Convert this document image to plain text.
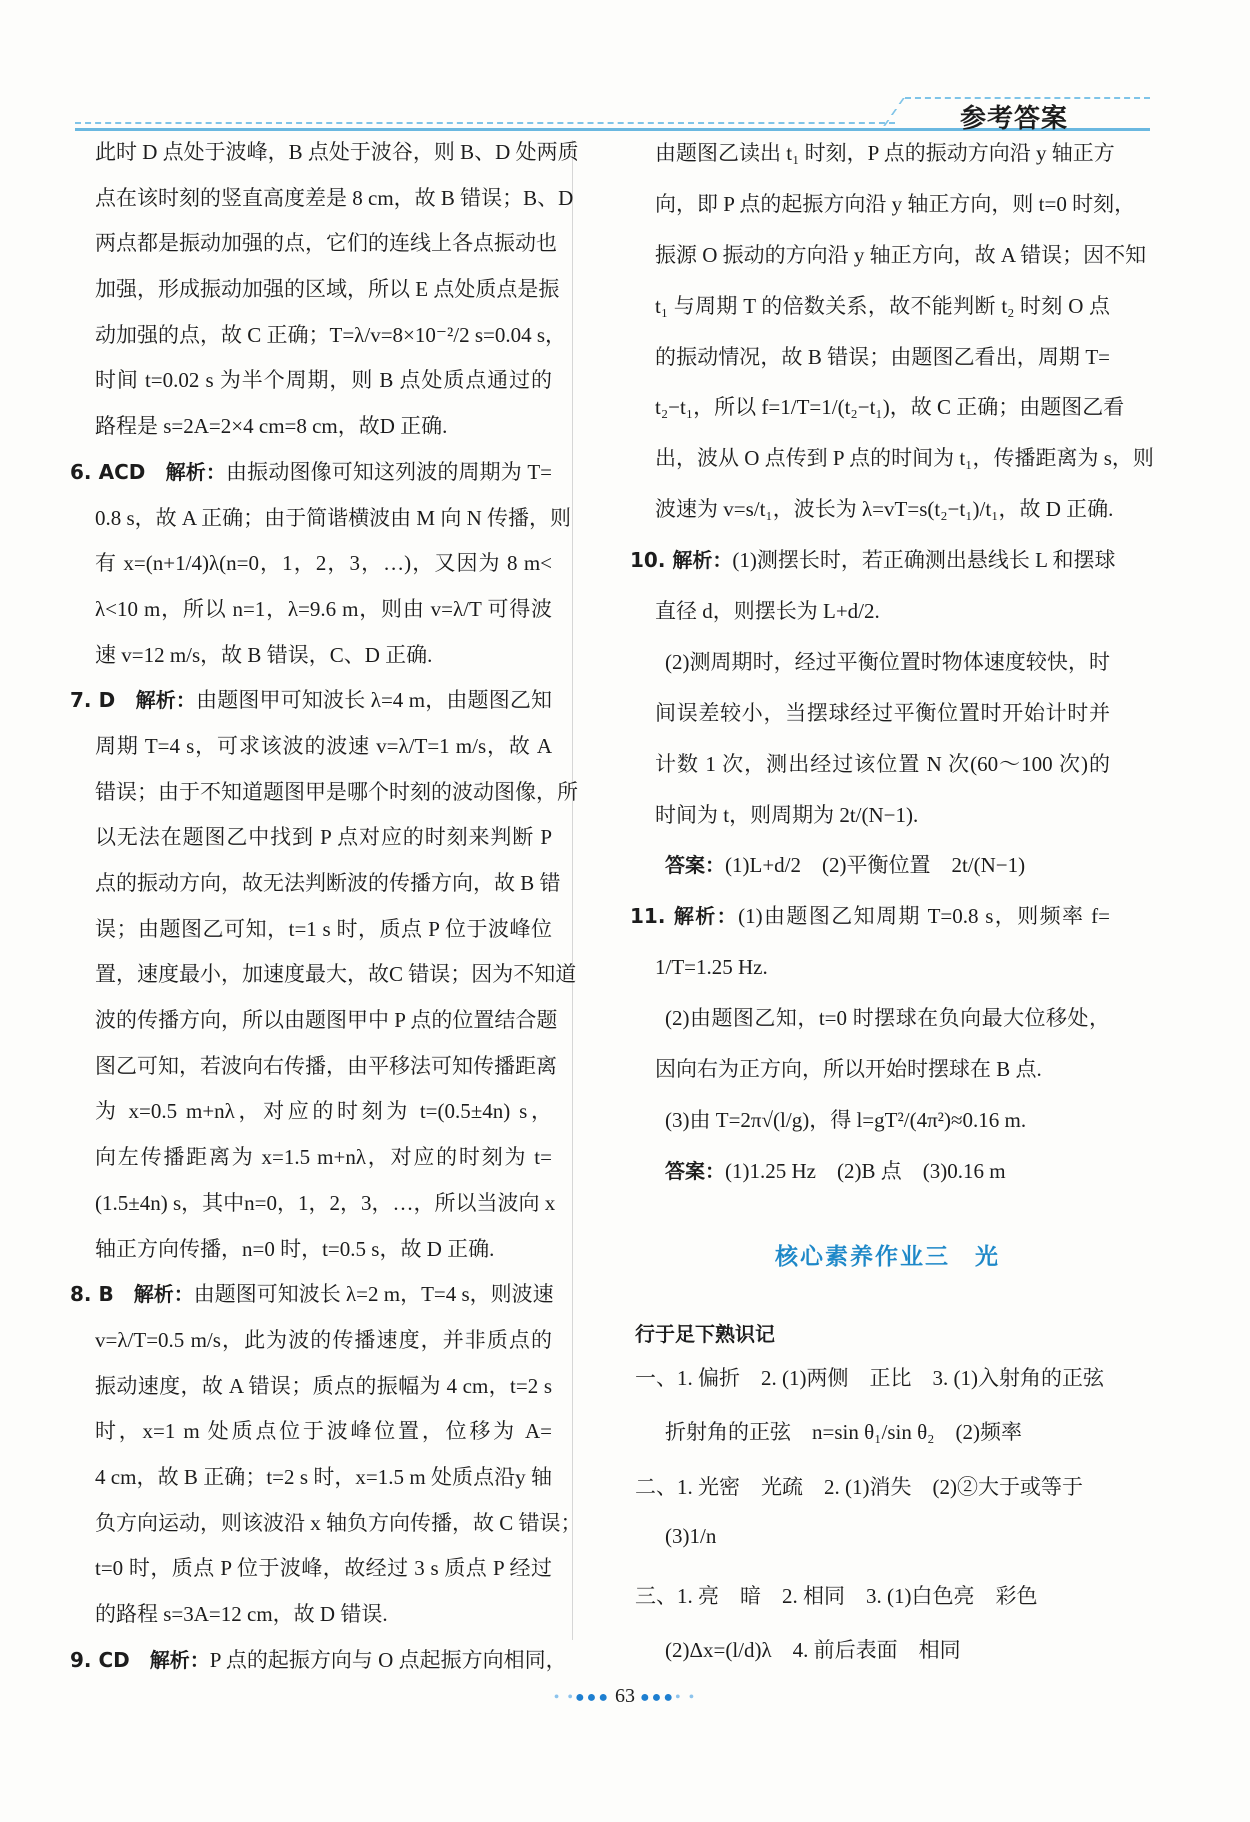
参考答案
此时 D 点处于波峰，B 点处于波谷，则 B、D 处两质
点在该时刻的竖直高度差是 8 cm，故 B 错误；B、D
两点都是振动加强的点，它们的连线上各点振动也
加强，形成振动加强的区域，所以 E 点处质点是振
动加强的点，故 C 正确；T=λ/v=8×10⁻²/2 s=0.04 s，
时间 t=0.02 s 为半个周期，则 B 点处质点通过的
路程是 s=2A=2×4 cm=8 cm，故D 正确.
6. ACD　解析：由振动图像可知这列波的周期为 T=
0.8 s，故 A 正确；由于简谐横波由 M 向 N 传播，则
有 x=(n+1/4)λ(n=0，1，2，3，…)，又因为 8 m<
λ<10 m，所以 n=1，λ=9.6 m，则由 v=λ/T 可得波
速 v=12 m/s，故 B 错误，C、D 正确.
7. D　解析：由题图甲可知波长 λ=4 m，由题图乙知
周期 T=4 s，可求该波的波速 v=λ/T=1 m/s，故 A
错误；由于不知道题图甲是哪个时刻的波动图像，所
以无法在题图乙中找到 P 点对应的时刻来判断 P
点的振动方向，故无法判断波的传播方向，故 B 错
误；由题图乙可知，t=1 s 时，质点 P 位于波峰位
置，速度最小，加速度最大，故C 错误；因为不知道
波的传播方向，所以由题图甲中 P 点的位置结合题
图乙可知，若波向右传播，由平移法可知传播距离
为 x=0.5 m+nλ，对应的时刻为 t=(0.5±4n) s，
向左传播距离为 x=1.5 m+nλ，对应的时刻为 t=
(1.5±4n) s，其中n=0，1，2，3，…，所以当波向 x
轴正方向传播，n=0 时，t=0.5 s，故 D 正确.
8. B　解析：由题图可知波长 λ=2 m，T=4 s，则波速
v=λ/T=0.5 m/s，此为波的传播速度，并非质点的
振动速度，故 A 错误；质点的振幅为 4 cm，t=2 s
时，x=1 m 处质点位于波峰位置，位移为 A=
4 cm，故 B 正确；t=2 s 时，x=1.5 m 处质点沿y 轴
负方向运动，则该波沿 x 轴负方向传播，故 C 错误；
t=0 时，质点 P 位于波峰，故经过 3 s 质点 P 经过
的路程 s=3A=12 cm，故 D 错误.
9. CD　解析：P 点的起振方向与 O 点起振方向相同，
由题图乙读出 t₁ 时刻，P 点的振动方向沿 y 轴正方
向，即 P 点的起振方向沿 y 轴正方向，则 t=0 时刻，
振源 O 振动的方向沿 y 轴正方向，故 A 错误；因不知
t₁ 与周期 T 的倍数关系，故不能判断 t₂ 时刻 O 点
的振动情况，故 B 错误；由题图乙看出，周期 T=
t₂−t₁，所以 f=1/T=1/(t₂−t₁)，故 C 正确；由题图乙看
出，波从 O 点传到 P 点的时间为 t₁，传播距离为 s，则
波速为 v=s/t₁，波长为 λ=vT=s(t₂−t₁)/t₁，故 D 正确.
10. 解析：(1)测摆长时，若正确测出悬线长 L 和摆球
直径 d，则摆长为 L+d/2.
(2)测周期时，经过平衡位置时物体速度较快，时
间误差较小，当摆球经过平衡位置时开始计时并
计数 1 次，测出经过该位置 N 次(60～100 次)的
时间为 t，则周期为 2t/(N−1).
答案：(1)L+d/2　(2)平衡位置　2t/(N−1)
11. 解析：(1)由题图乙知周期 T=0.8 s，则频率 f=
1/T=1.25 Hz.
(2)由题图乙知，t=0 时摆球在负向最大位移处，
因向右为正方向，所以开始时摆球在 B 点.
(3)由 T=2π√(l/g)，得 l=gT²/(4π²)≈0.16 m.
答案：(1)1.25 Hz　(2)B 点　(3)0.16 m
核心素养作业三　光
行于足下熟识记
一、1. 偏折　2. (1)两侧　正比　3. (1)入射角的正弦
折射角的正弦　n=sin θ₁/sin θ₂　(2)频率
二、1. 光密　光疏　2. (1)消失　(2)②大于或等于
(3)1/n
三、1. 亮　暗　2. 相同　3. (1)白色亮　彩色
(2)Δx=(l/d)λ　4. 前后表面　相同
• •●●● 63 ●●●• •
